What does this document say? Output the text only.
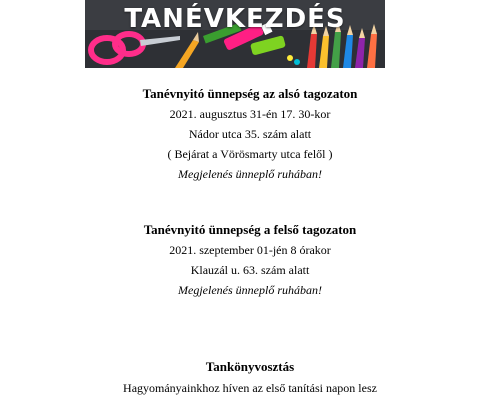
TANÉVKEZDÉS
Tanévnyitó ünnepség az alsó tagozaton
2021. augusztus 31-én 17. 30-kor
Nádor utca 35. szám alatt
( Bejárat a Vörösmarty utca felől )
Megjelenés ünneplő ruhában!
Tanévnyitó ünnepség a felső tagozaton
2021. szeptember 01-jén 8 órakor
Klauzál u. 63. szám alatt
Megjelenés ünneplő ruhában!
Tankönyvosztás
Hagyományainkhoz híven az első tanítási napon lesz
